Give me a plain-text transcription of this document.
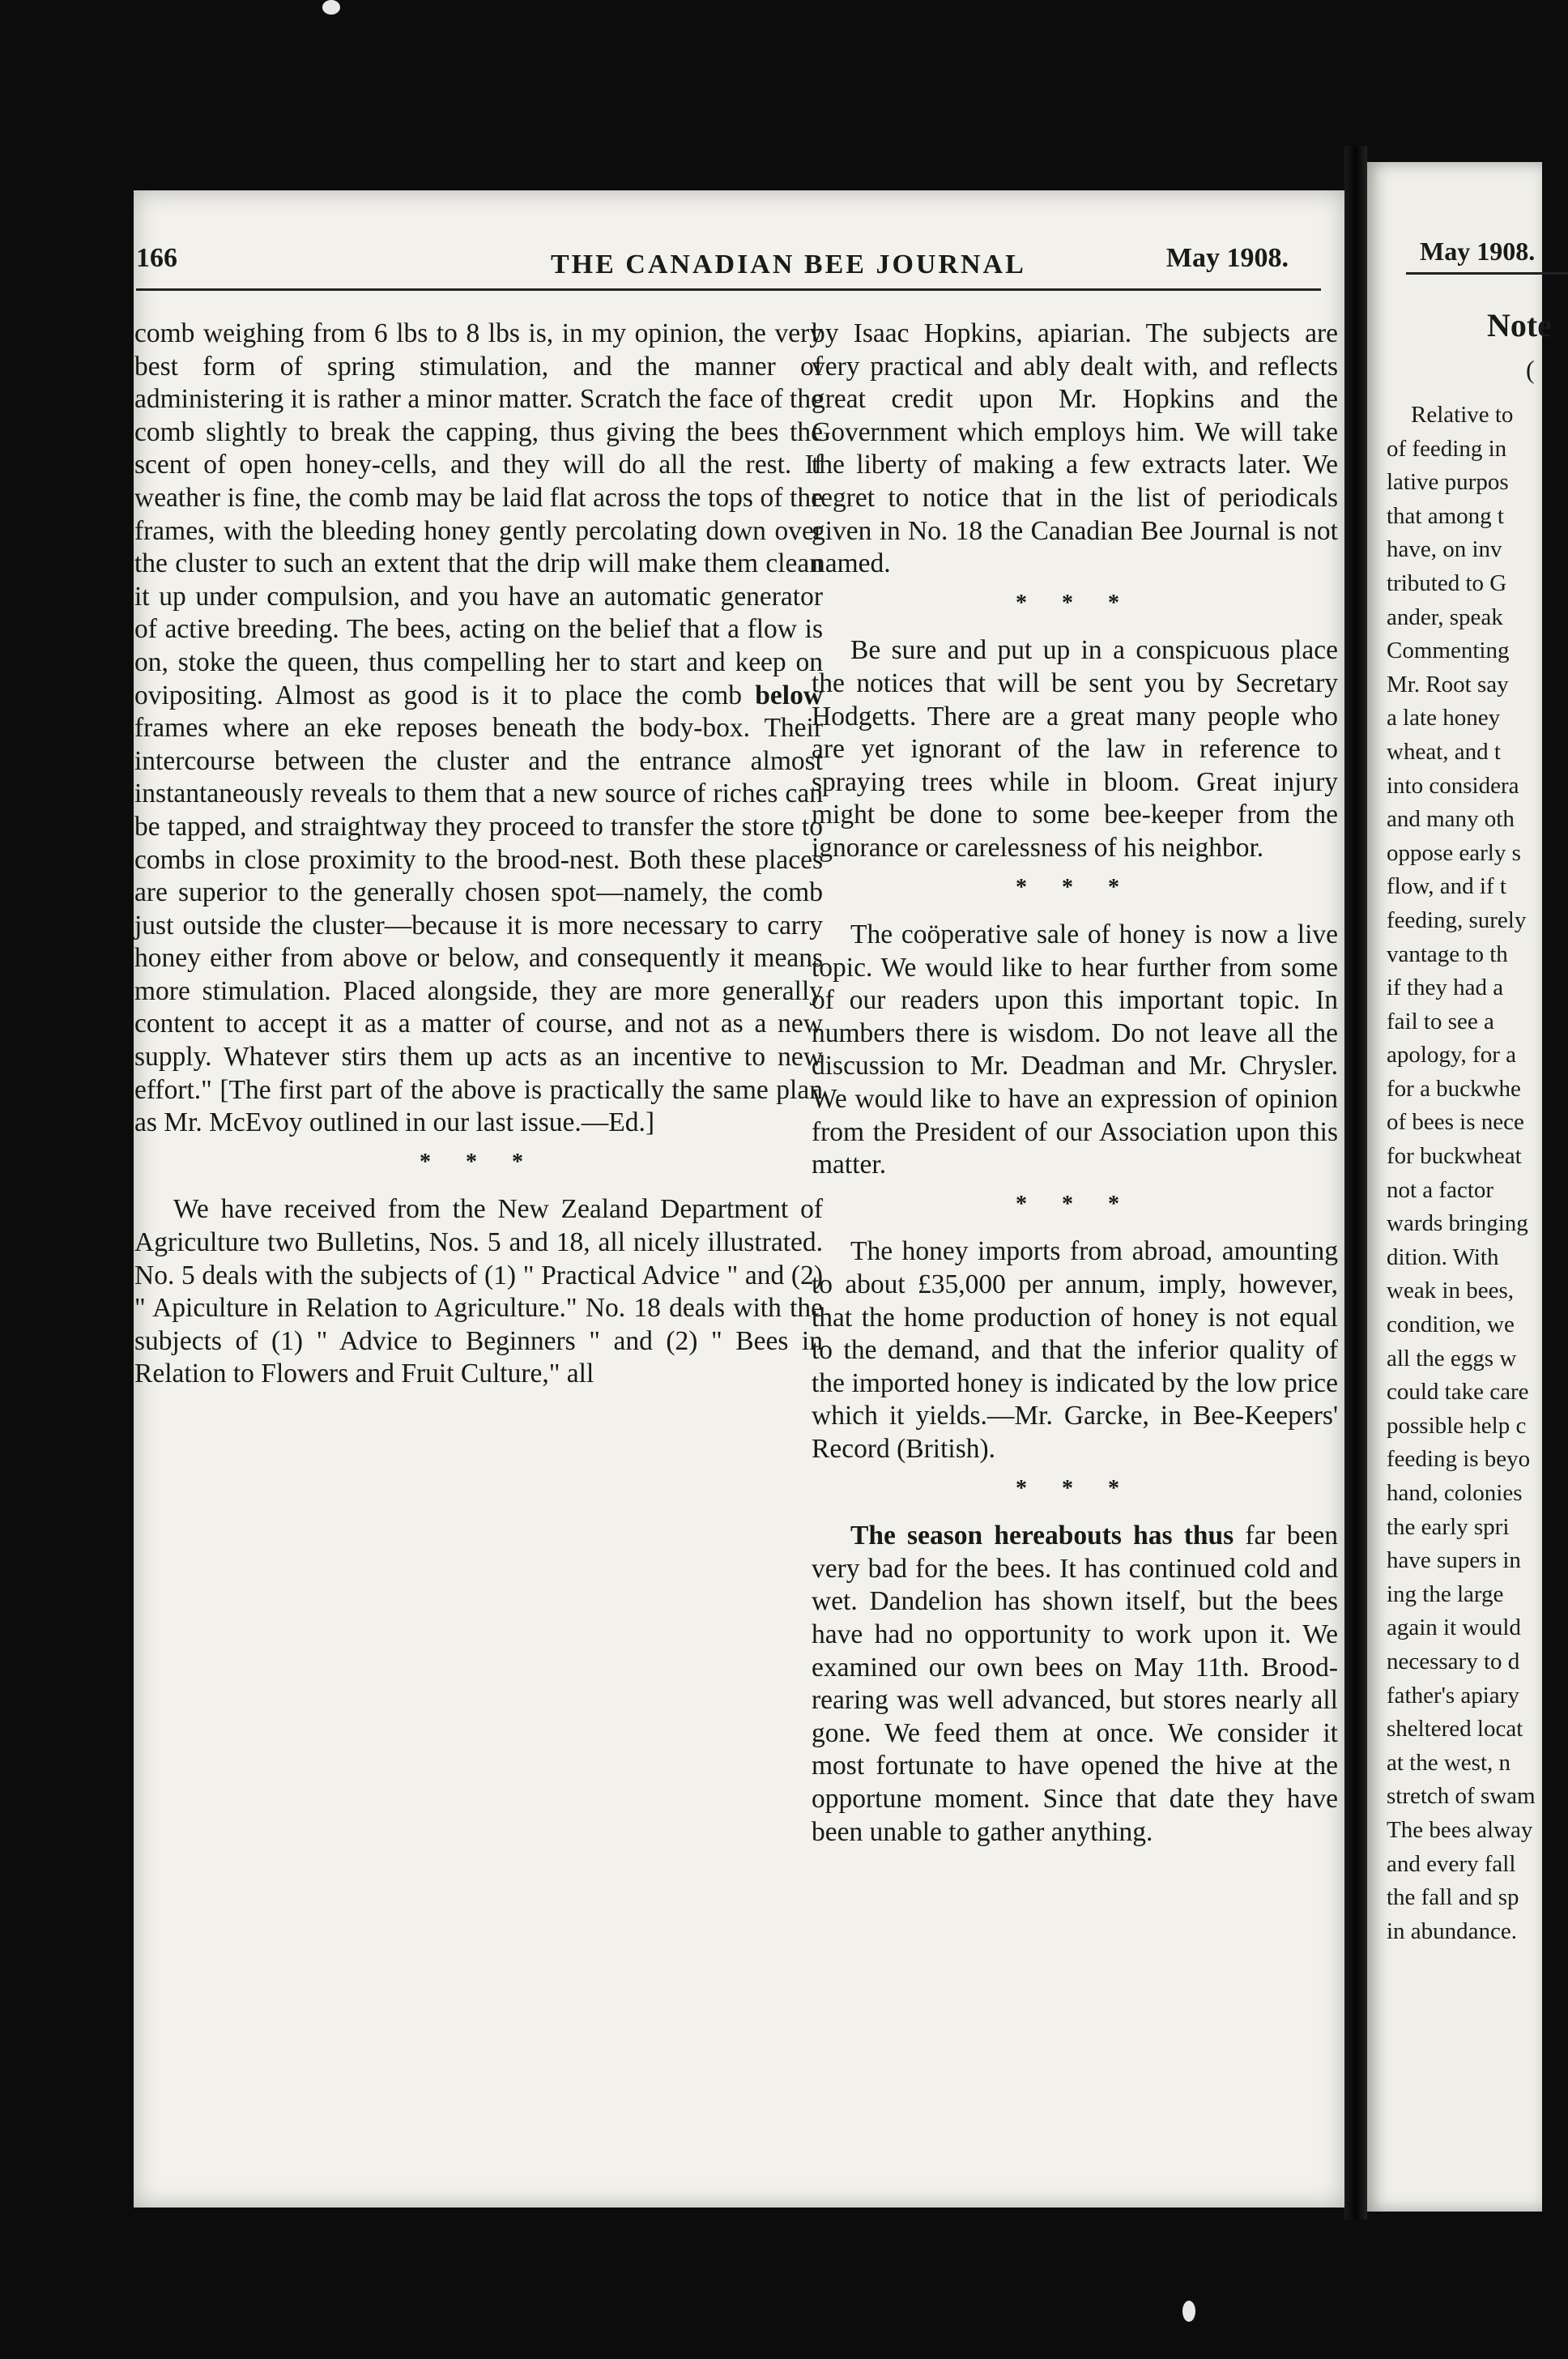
166	THE CANADIAN BEE JOURNAL	May 1908.

comb weighing from 6 lbs to 8 lbs is, in my opinion, the very best form of spring stimulation, and the manner of administering it is rather a minor matter. Scratch the face of the comb slightly to break the capping, thus giving the bees the scent of open honey-cells, and they will do all the rest. If weather is fine, the comb may be laid flat across the tops of the frames, with the bleeding honey gently percolating down over the cluster to such an extent that the drip will make them clean it up under compulsion, and you have an automatic generator of active breeding. The bees, acting on the belief that a flow is on, stoke the queen, thus compelling her to start and keep on ovipositing. Almost as good is it to place the comb below frames where an eke reposes beneath the body-box. Their intercourse between the cluster and the entrance almost instantaneously reveals to them that a new source of riches can be tapped, and straightway they proceed to transfer the store to combs in close proximity to the brood-nest. Both these places are superior to the generally chosen spot—namely, the comb just outside the cluster—because it is more necessary to carry honey either from above or below, and consequently it means more stimulation. Placed alongside, they are more generally content to accept it as a matter of course, and not as a new supply. Whatever stirs them up acts as an incentive to new effort." [The first part of the above is practically the same plan as Mr. McEvoy outlined in our last issue.—Ed.]

* * *

We have received from the New Zealand Department of Agriculture two Bulletins, Nos. 5 and 18, all nicely illustrated. No. 5 deals with the subjects of (1) " Practical Advice " and (2) " Apiculture in Relation to Agriculture." No. 18 deals with the subjects of (1) " Advice to Beginners " and (2) " Bees in Relation to Flowers and Fruit Culture," all

by Isaac Hopkins, apiarian. The subjects are very practical and ably dealt with, and reflects great credit upon Mr. Hopkins and the Government which employs him. We will take the liberty of making a few extracts later. We regret to notice that in the list of periodicals given in No. 18 the Canadian Bee Journal is not named.

* * *

Be sure and put up in a conspicuous place the notices that will be sent you by Secretary Hodgetts. There are a great many people who are yet ignorant of the law in reference to spraying trees while in bloom. Great injury might be done to some bee-keeper from the ignorance or carelessness of his neighbor.

* * *

The coöperative sale of honey is now a live topic. We would like to hear further from some of our readers upon this important topic. In numbers there is wisdom. Do not leave all the discussion to Mr. Deadman and Mr. Chrysler. We would like to have an expression of opinion from the President of our Association upon this matter.

* * *

The honey imports from abroad, amounting to about £35,000 per annum, imply, however, that the home production of honey is not equal to the demand, and that the inferior quality of the imported honey is indicated by the low price which it yields.—Mr. Garcke, in Bee-Keepers' Record (British).

* * *

The season hereabouts has thus far been very bad for the bees. It has continued cold and wet. Dandelion has shown itself, but the bees have had no opportunity to work upon it. We examined our own bees on May 11th. Brood-rearing was well advanced, but stores nearly all gone. We feed them at once. We consider it most fortunate to have opened the hive at the opportune moment. Since that date they have been unable to gather anything.

May 1908.
Note
(
Relative to
of feeding in
lative purpos
that among t
have, on inv
tributed to G
ander, speak
Commenting
Mr. Root say
a late honey
wheat, and t
into considera
and many oth
oppose early s
flow, and if t
feeding, surely
vantage to th
if they had a
fail to see a
apology, for a
for a buckwhe
of bees is nece
for buckwheat
not a factor
wards bringing
dition. With
weak in bees,
condition, we
all the eggs w
could take care
possible help c
feeding is beyo
hand, colonies
the early spri
have supers in
ing the large
again it would
necessary to d
father's apiary
sheltered locat
at the west, n
stretch of swam
The bees alway
and every fall
the fall and sp
in abundance.
